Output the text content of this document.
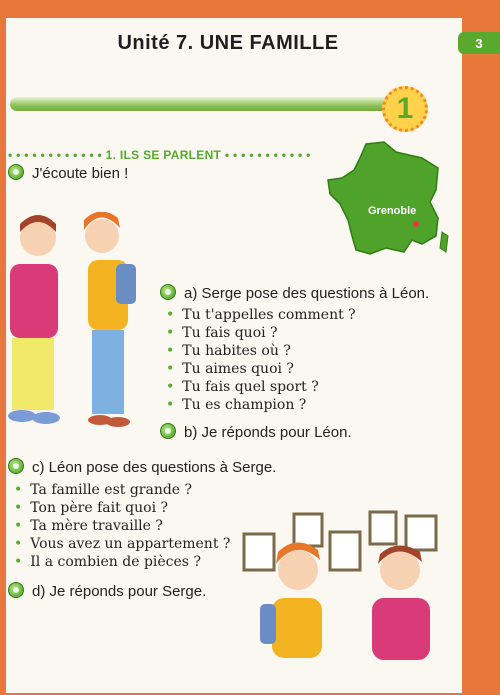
3
Unité 7. UNE FAMILLE
1
• • • • • • • • • • • • 1. ILS SE PARLENT • • • • • • • • • • •
J'écoute bien !
Grenoble
a) Serge pose des questions à Léon.
• Tu t'appelles comment ?
• Tu fais quoi ?
• Tu habites où ?
• Tu aimes quoi ?
• Tu fais quel sport ?
• Tu es champion ?
b) Je réponds pour Léon.
c) Léon pose des questions à Serge.
• Ta famille est grande ?
• Ton père fait quoi ?
• Ta mère travaille ?
• Vous avez un appartement ?
• Il a combien de pièces ?
d) Je réponds pour Serge.
